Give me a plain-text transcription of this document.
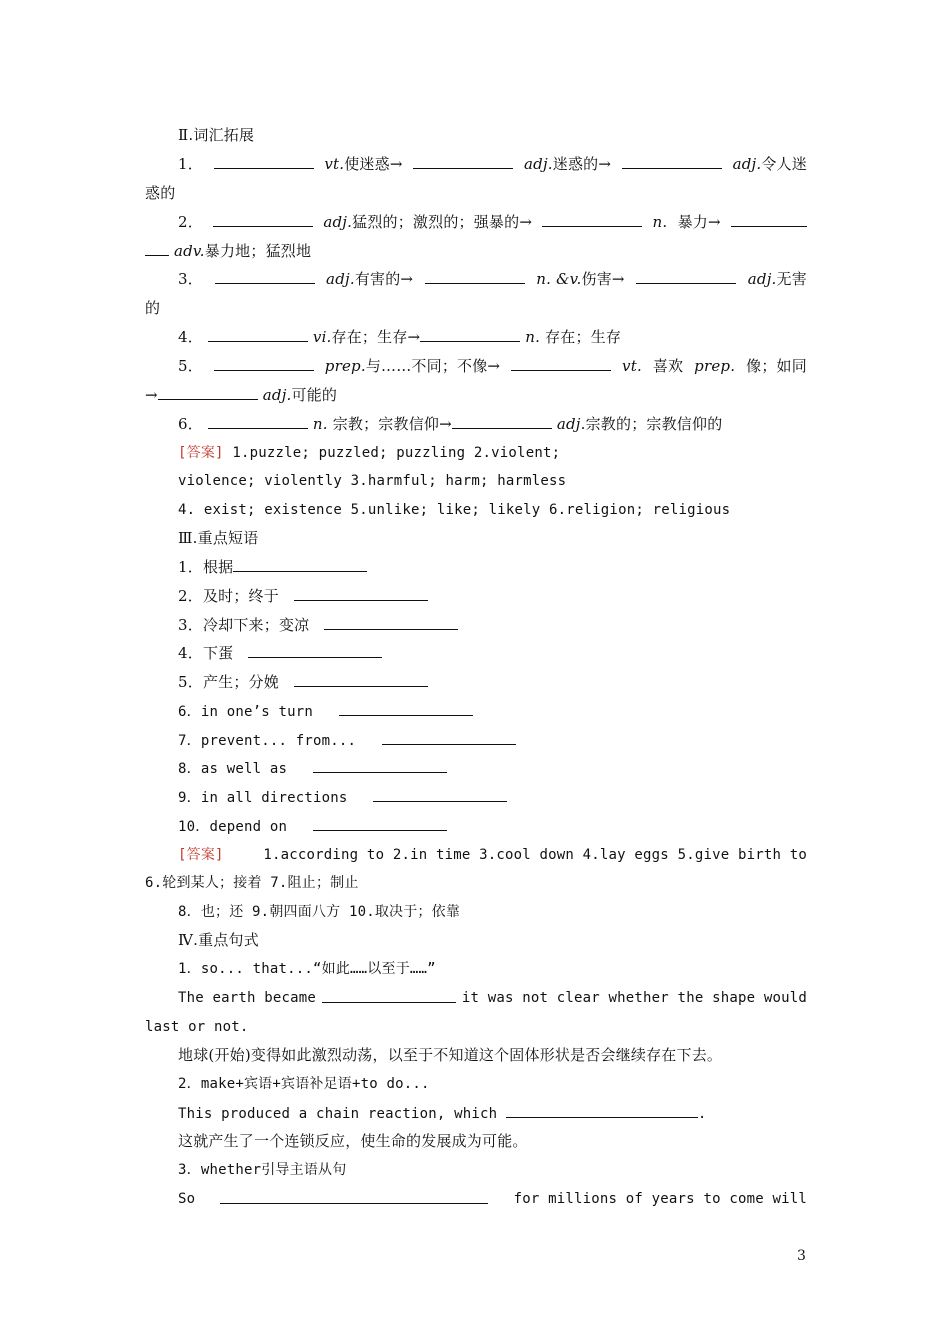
Ⅱ.词汇拓展
1．	vt.使迷惑→	adj.迷惑的→	adj.令人迷
惑的
2．	adj.猛烈的；激烈的；强暴的→	n. 暴力→
adv.暴力地；猛烈地
3．	adj.有害的→	n. &v.伤害→	adj.无害
的
4．	vi.存在；生存→	n. 存在；生存
5．	prep.与……不同；不像→	vt. 喜欢 prep. 像；如同
→	adj.可能的
6．	n. 宗教；宗教信仰→	adj.宗教的；宗教信仰的
[答案] 1.puzzle; puzzled; puzzling 2.violent;
violence; violently 3.harmful; harm; harmless
4. exist; existence 5.unlike; like; likely 6.religion; religious
Ⅲ.重点短语
1．根据
2．及时；终于
3．冷却下来；变凉
4．下蛋
5．产生；分娩
6．in one’s turn
7．prevent... from...
8．as well as
9．in all directions
10．depend on
[答案]	1.according to 2.in time 3.cool down 4.lay eggs 5.give birth to
6.轮到某人；接着 7.阻止；制止
8．也；还 9.朝四面八方 10.取决于；依靠
Ⅳ.重点句式
1．so... that...“如此……以至于……”
The earth became	it was not clear whether the shape would
last or not.
地球(开始)变得如此激烈动荡，以至于不知道这个固体形状是否会继续存在下去。
2．make+宾语+宾语补足语+to do...
This produced a chain reaction, which	.
这就产生了一个连锁反应，使生命的发展成为可能。
3．whether引导主语从句
So	for millions of years to come will
3
